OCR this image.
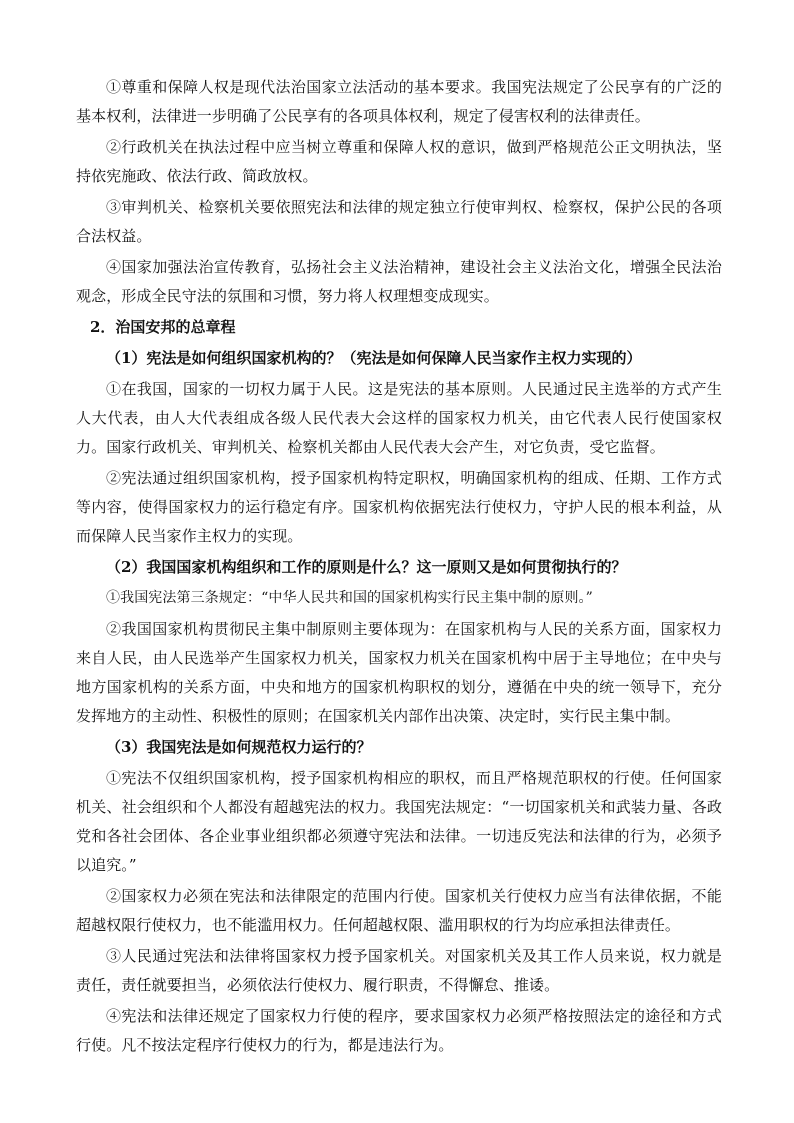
①尊重和保障人权是现代法治国家立法活动的基本要求。我国宪法规定了公民享有的广泛的基本权利，法律进一步明确了公民享有的各项具体权利，规定了侵害权利的法律责任。

②行政机关在执法过程中应当树立尊重和保障人权的意识，做到严格规范公正文明执法，坚持依宪施政、依法行政、简政放权。

③审判机关、检察机关要依照宪法和法律的规定独立行使审判权、检察权，保护公民的各项合法权益。

④国家加强法治宣传教育，弘扬社会主义法治精神，建设社会主义法治文化，增强全民法治观念，形成全民守法的氛围和习惯，努力将人权理想变成现实。

2．治国安邦的总章程

（1）宪法是如何组织国家机构的？（宪法是如何保障人民当家作主权力实现的）

①在我国，国家的一切权力属于人民。这是宪法的基本原则。人民通过民主选举的方式产生人大代表，由人大代表组成各级人民代表大会这样的国家权力机关，由它代表人民行使国家权力。国家行政机关、审判机关、检察机关都由人民代表大会产生，对它负责，受它监督。

②宪法通过组织国家机构，授予国家机构特定职权，明确国家机构的组成、任期、工作方式等内容，使得国家权力的运行稳定有序。国家机构依据宪法行使权力，守护人民的根本利益，从而保障人民当家作主权力的实现。

（2）我国国家机构组织和工作的原则是什么？这一原则又是如何贯彻执行的？

①我国宪法第三条规定：“中华人民共和国的国家机构实行民主集中制的原则。”

②我国国家机构贯彻民主集中制原则主要体现为：在国家机构与人民的关系方面，国家权力来自人民，由人民选举产生国家权力机关，国家权力机关在国家机构中居于主导地位；在中央与地方国家机构的关系方面，中央和地方的国家机构职权的划分，遵循在中央的统一领导下，充分发挥地方的主动性、积极性的原则；在国家机关内部作出决策、决定时，实行民主集中制。

（3）我国宪法是如何规范权力运行的？

①宪法不仅组织国家机构，授予国家机构相应的职权，而且严格规范职权的行使。任何国家机关、社会组织和个人都没有超越宪法的权力。我国宪法规定：“一切国家机关和武装力量、各政党和各社会团体、各企业事业组织都必须遵守宪法和法律。一切违反宪法和法律的行为，必须予以追究。”

②国家权力必须在宪法和法律限定的范围内行使。国家机关行使权力应当有法律依据，不能超越权限行使权力，也不能滥用权力。任何超越权限、滥用职权的行为均应承担法律责任。

③人民通过宪法和法律将国家权力授予国家机关。对国家机关及其工作人员来说，权力就是责任，责任就要担当，必须依法行使权力、履行职责，不得懈怠、推诿。

④宪法和法律还规定了国家权力行使的程序，要求国家权力必须严格按照法定的途径和方式行使。凡不按法定程序行使权力的行为，都是违法行为。
